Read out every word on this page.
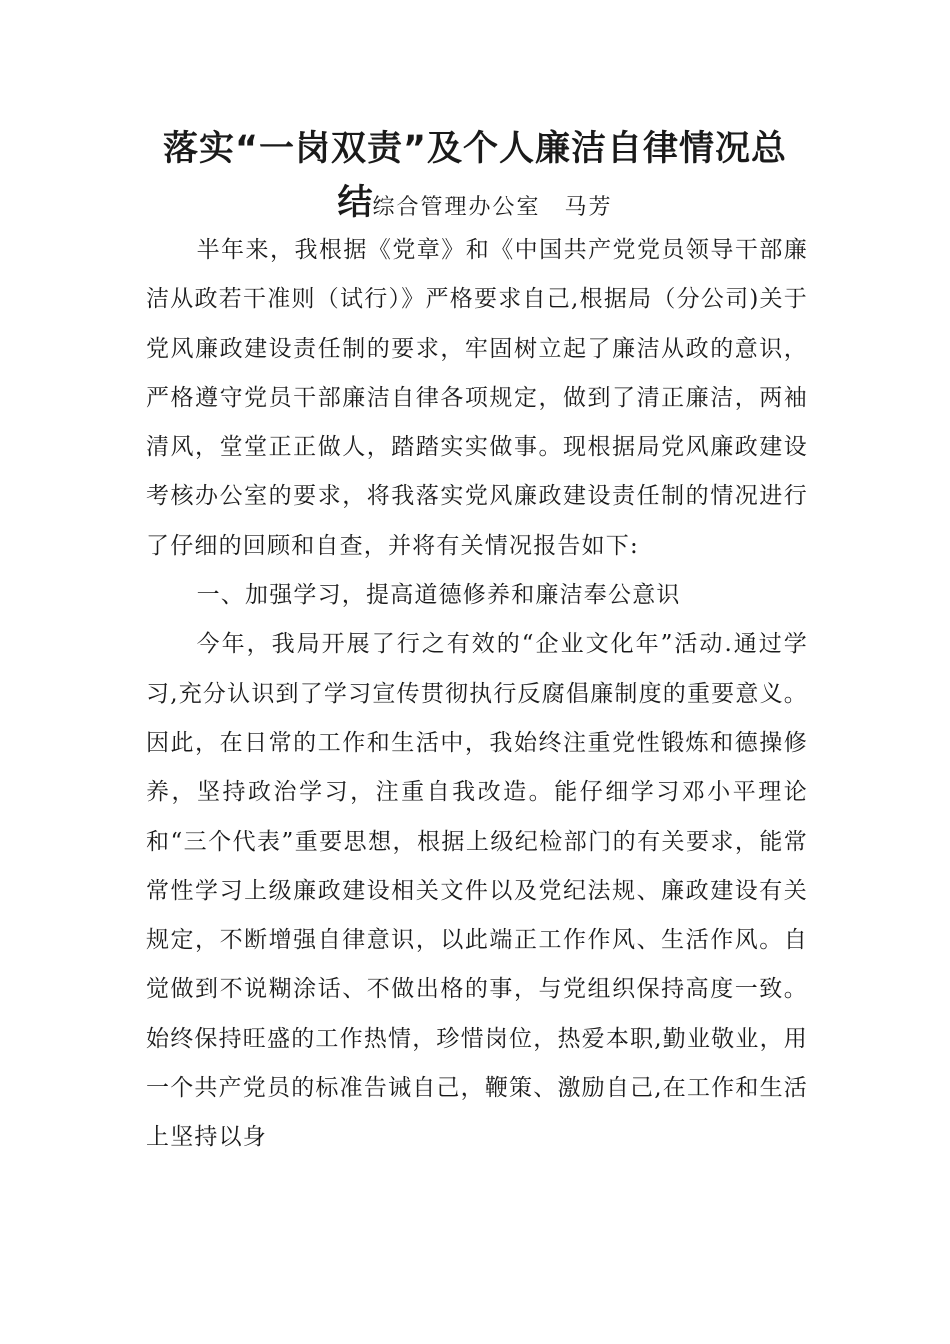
落实“一岗双责”及个人廉洁自律情况总
结综合管理办公室　马芳

半年来，我根据《党章》和《中国共产党党员领导干部廉洁从政若干准则（试行）》严格要求自己,根据局（分公司)关于党风廉政建设责任制的要求，牢固树立起了廉洁从政的意识，严格遵守党员干部廉洁自律各项规定，做到了清正廉洁，两袖清风，堂堂正正做人，踏踏实实做事。现根据局党风廉政建设考核办公室的要求，将我落实党风廉政建设责任制的情况进行了仔细的回顾和自查，并将有关情况报告如下:

一、加强学习，提高道德修养和廉洁奉公意识

今年，我局开展了行之有效的“企业文化年”活动.通过学习,充分认识到了学习宣传贯彻执行反腐倡廉制度的重要意义。因此，在日常的工作和生活中，我始终注重党性锻炼和德操修养，坚持政治学习，注重自我改造。能仔细学习邓小平理论和“三个代表”重要思想，根据上级纪检部门的有关要求，能常常性学习上级廉政建设相关文件以及党纪法规、廉政建设有关规定，不断增强自律意识，以此端正工作作风、生活作风。自觉做到不说糊涂话、不做出格的事，与党组织保持高度一致。始终保持旺盛的工作热情，珍惜岗位，热爱本职,勤业敬业，用一个共产党员的标准告诫自己，鞭策、激励自己,在工作和生活上坚持以身
